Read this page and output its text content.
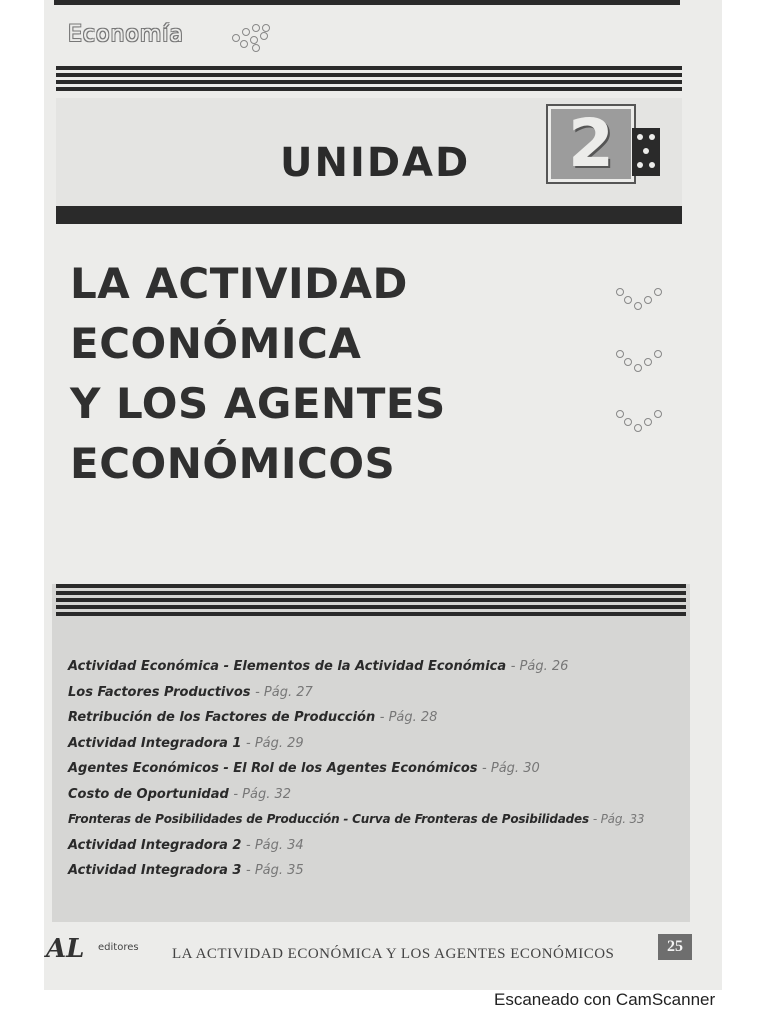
Economía
UNIDAD	2
LA ACTIVIDAD
ECONÓMICA
Y LOS AGENTES
ECONÓMICOS
Actividad Económica - Elementos de la Actividad Económica - Pág. 26
Los Factores Productivos - Pág. 27
Retribución de los Factores de Producción - Pág. 28
Actividad Integradora 1 - Pág. 29
Agentes Económicos - El Rol de los Agentes Económicos - Pág. 30
Costo de Oportunidad - Pág. 32
Fronteras de Posibilidades de Producción - Curva de Fronteras de Posibilidades - Pág. 33
Actividad Integradora 2 - Pág. 34
Actividad Integradora 3 - Pág. 35
AL editores LA ACTIVIDAD ECONÓMICA Y LOS AGENTES ECONÓMICOS	25
Escaneado con CamScanner
